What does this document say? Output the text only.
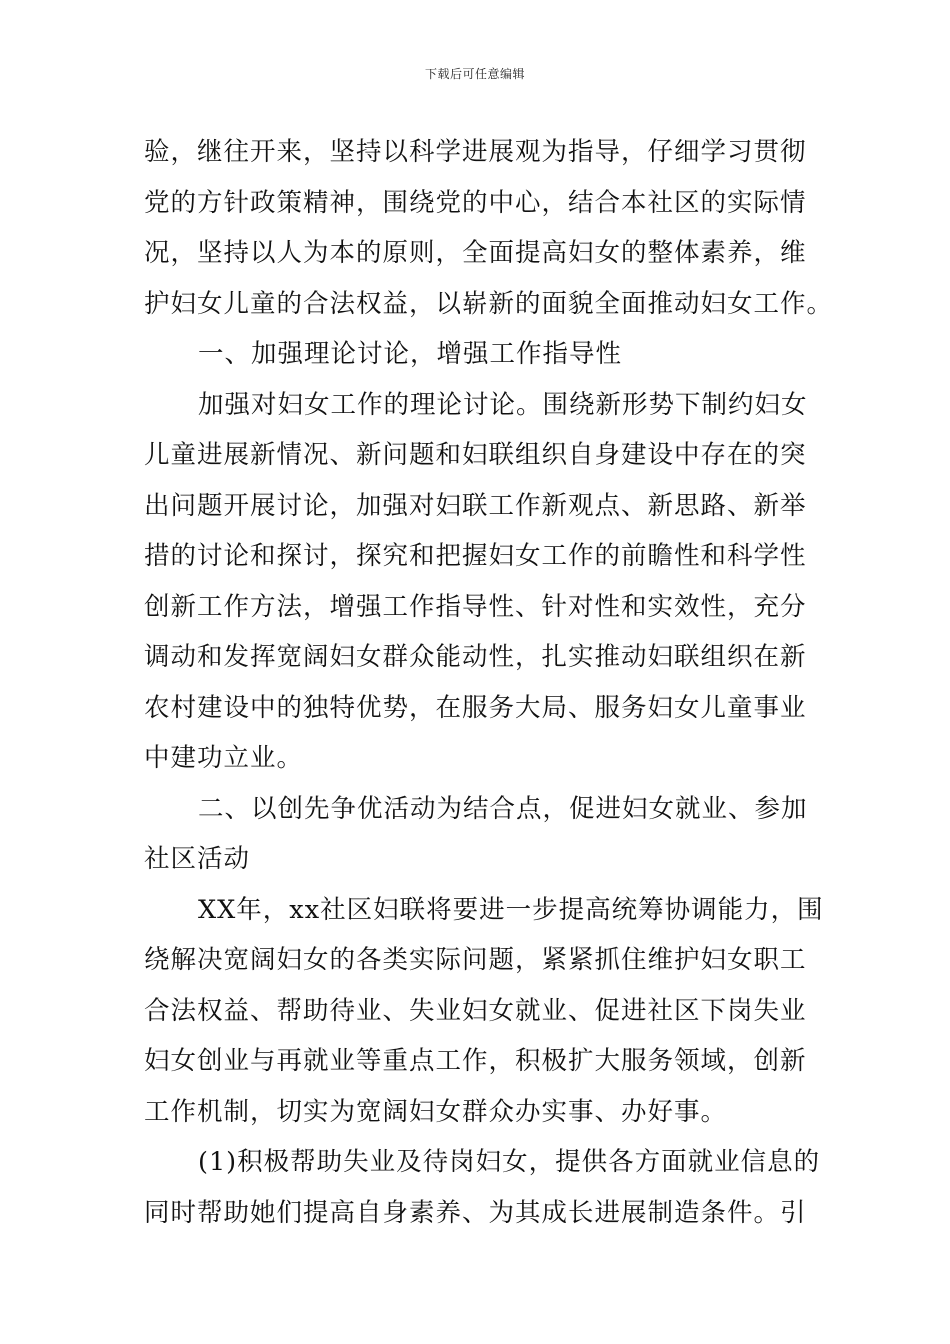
下载后可任意编辑
验，继往开来，坚持以科学进展观为指导，仔细学习贯彻
党的方针政策精神，围绕党的中心，结合本社区的实际情
况，坚持以人为本的原则，全面提高妇女的整体素养，维
护妇女儿童的合法权益，以崭新的面貌全面推动妇女工作。
一、加强理论讨论，增强工作指导性
加强对妇女工作的理论讨论。围绕新形势下制约妇女
儿童进展新情况、新问题和妇联组织自身建设中存在的突
出问题开展讨论，加强对妇联工作新观点、新思路、新举
措的讨论和探讨，探究和把握妇女工作的前瞻性和科学性
创新工作方法，增强工作指导性、针对性和实效性，充分
调动和发挥宽阔妇女群众能动性，扎实推动妇联组织在新
农村建设中的独特优势，在服务大局、服务妇女儿童事业
中建功立业。
二、以创先争优活动为结合点，促进妇女就业、参加
社区活动
XX年，xx社区妇联将要进一步提高统筹协调能力，围
绕解决宽阔妇女的各类实际问题，紧紧抓住维护妇女职工
合法权益、帮助待业、失业妇女就业、促进社区下岗失业
妇女创业与再就业等重点工作，积极扩大服务领域，创新
工作机制，切实为宽阔妇女群众办实事、办好事。
(1)积极帮助失业及待岗妇女，提供各方面就业信息的
同时帮助她们提高自身素养、为其成长进展制造条件。引
